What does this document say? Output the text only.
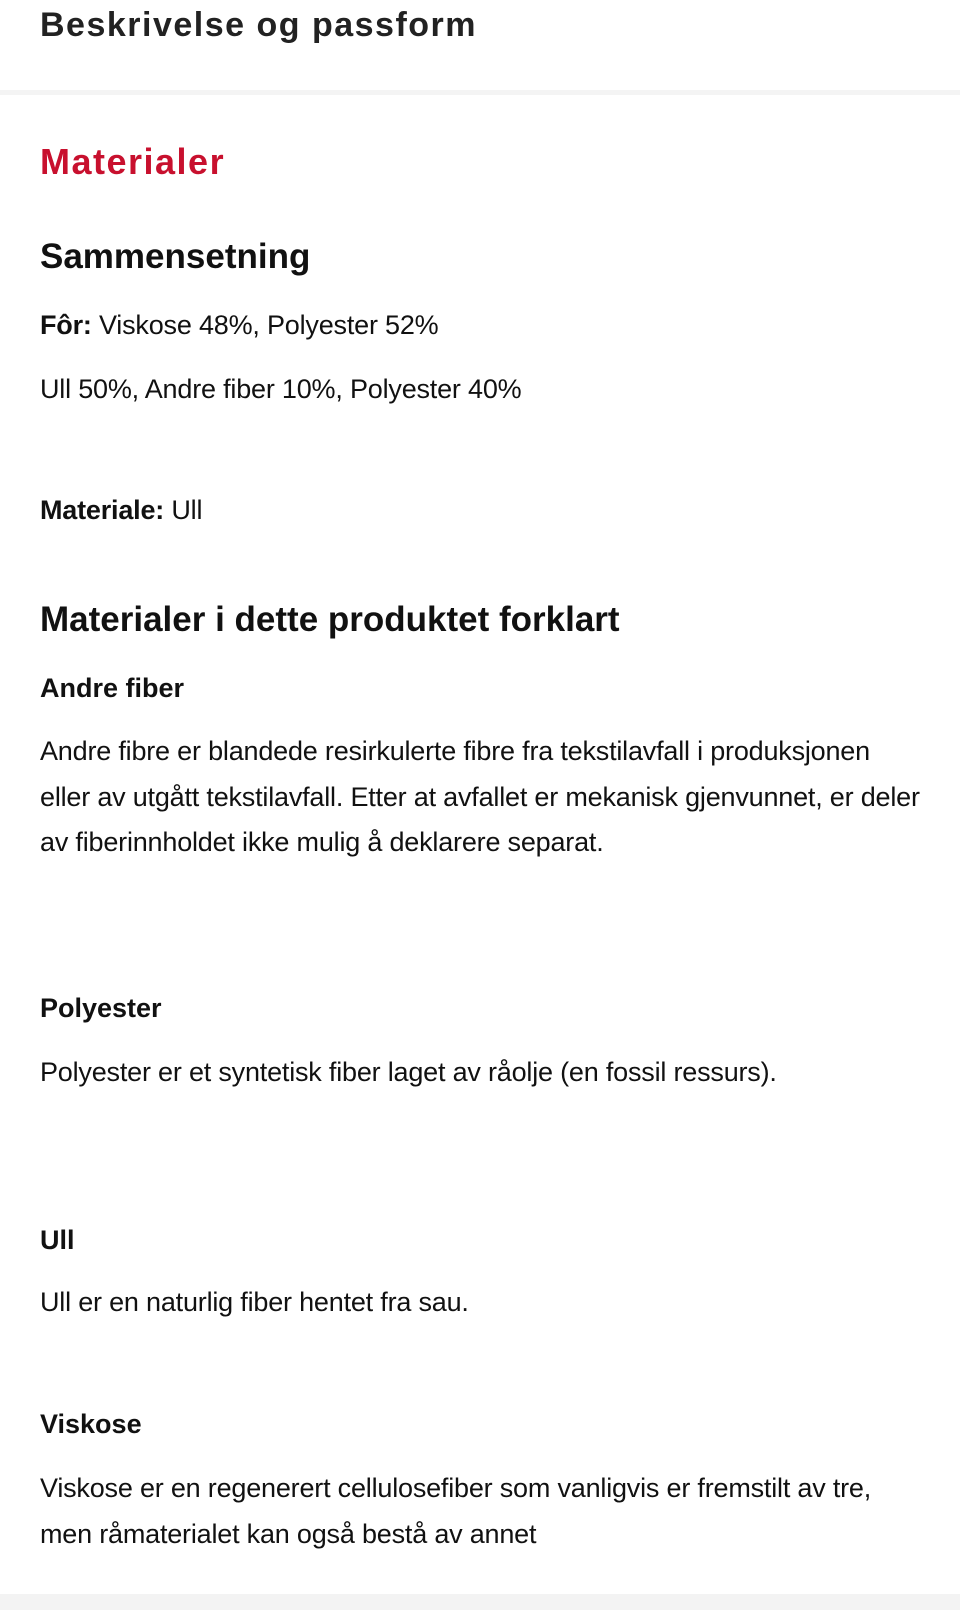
Beskrivelse og passform
Materialer
Sammensetning

Fôr: Viskose 48%, Polyester 52%

Ull 50%, Andre fiber 10%, Polyester 40%

Materiale: Ull

Materialer i dette produktet forklart
Andre fiber

Andre fibre er blandede resirkulerte fibre fra tekstilavfall i produksjonen eller av utgått tekstilavfall. Etter at avfallet er mekanisk gjenvunnet, er deler av fiberinnholdet ikke mulig å deklarere separat.

Polyester

Polyester er et syntetisk fiber laget av råolje (en fossil ressurs).

Ull

Ull er en naturlig fiber hentet fra sau.

Viskose

Viskose er en regenerert cellulosefiber som vanligvis er fremstilt av tre, men råmaterialet kan også bestå av annet
